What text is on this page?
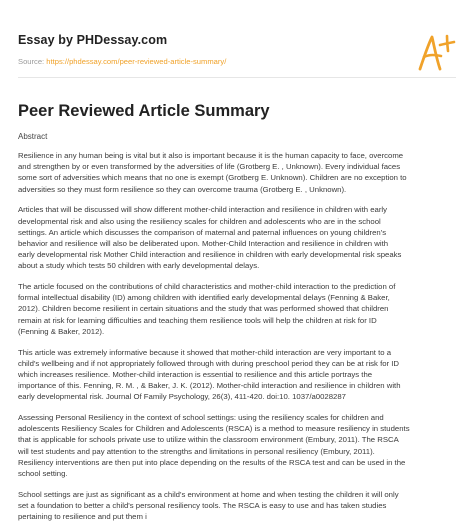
Essay by PHDessay.com
Source: https://phdessay.com/peer-reviewed-article-summary/
Peer Reviewed Article Summary
Abstract

Resilience in any human being is vital but it also is important because it is the human capacity to face, overcome
and strengthen by or even transformed by the adversities of life (Grotberg E. , Unknown). Every individual faces
some sort of adversities which means that no one is exempt (Grotberg E. Unknown). Children are no exception to
adversities so they must form resilience so they can overcome trauma (Grotberg E. , Unknown).

Articles that will be discussed will show different mother-child interaction and resilience in children with early
developmental risk and also using the resiliency scales for children and adolescents who are in the school
settings. An article which discusses the comparison of maternal and paternal influences on young children's
behavior and resilience will also be deliberated upon. Mother-Child Interaction and resilience in children with
early developmental risk Mother Child interaction and resilience in children with early developmental risk speaks
about a study which tests 50 children with early developmental delays.

The article focused on the contributions of child characteristics and mother-child interaction to the prediction of
formal intellectual disability (ID) among children with identified early developmental delays (Fenning & Baker,
2012). Children become resilient in certain situations and the study that was performed showed that children
remain at risk for learning difficulties and teaching them resilience tools will help the children at risk for ID
(Fenning & Baker, 2012).

This article was extremely informative because it showed that mother-child interaction are very important to a
child's wellbeing and if not appropriately followed through with during preschool period they can be at risk for ID
which increases resilience. Mother-child interaction is essential to resilience and this article portrays the
importance of this. Fenning, R. M. , & Baker, J. K. (2012). Mother-child interaction and resilience in children with
early developmental risk. Journal Of Family Psychology, 26(3), 411-420. doi:10. 1037/a0028287

Assessing Personal Resiliency in the context of school settings: using the resiliency scales for children and
adolescents Resiliency Scales for Children and Adolescents (RSCA) is a method to measure resiliency in students
that is applicable for schools private use to utilize within the classroom environment (Embury, 2011). The RSCA
will test students and pay attention to the strengths and limitations in personal resiliency (Embury, 2011).
Resiliency interventions are then put into place depending on the results of the RSCA test and can be used in the
school setting.

School settings are just as significant as a child's environment at home and when testing the children it will only
set a foundation to better a child's personal resiliency tools. The RSCA is easy to use and has taken studies
pertaining to resilience and put them i
